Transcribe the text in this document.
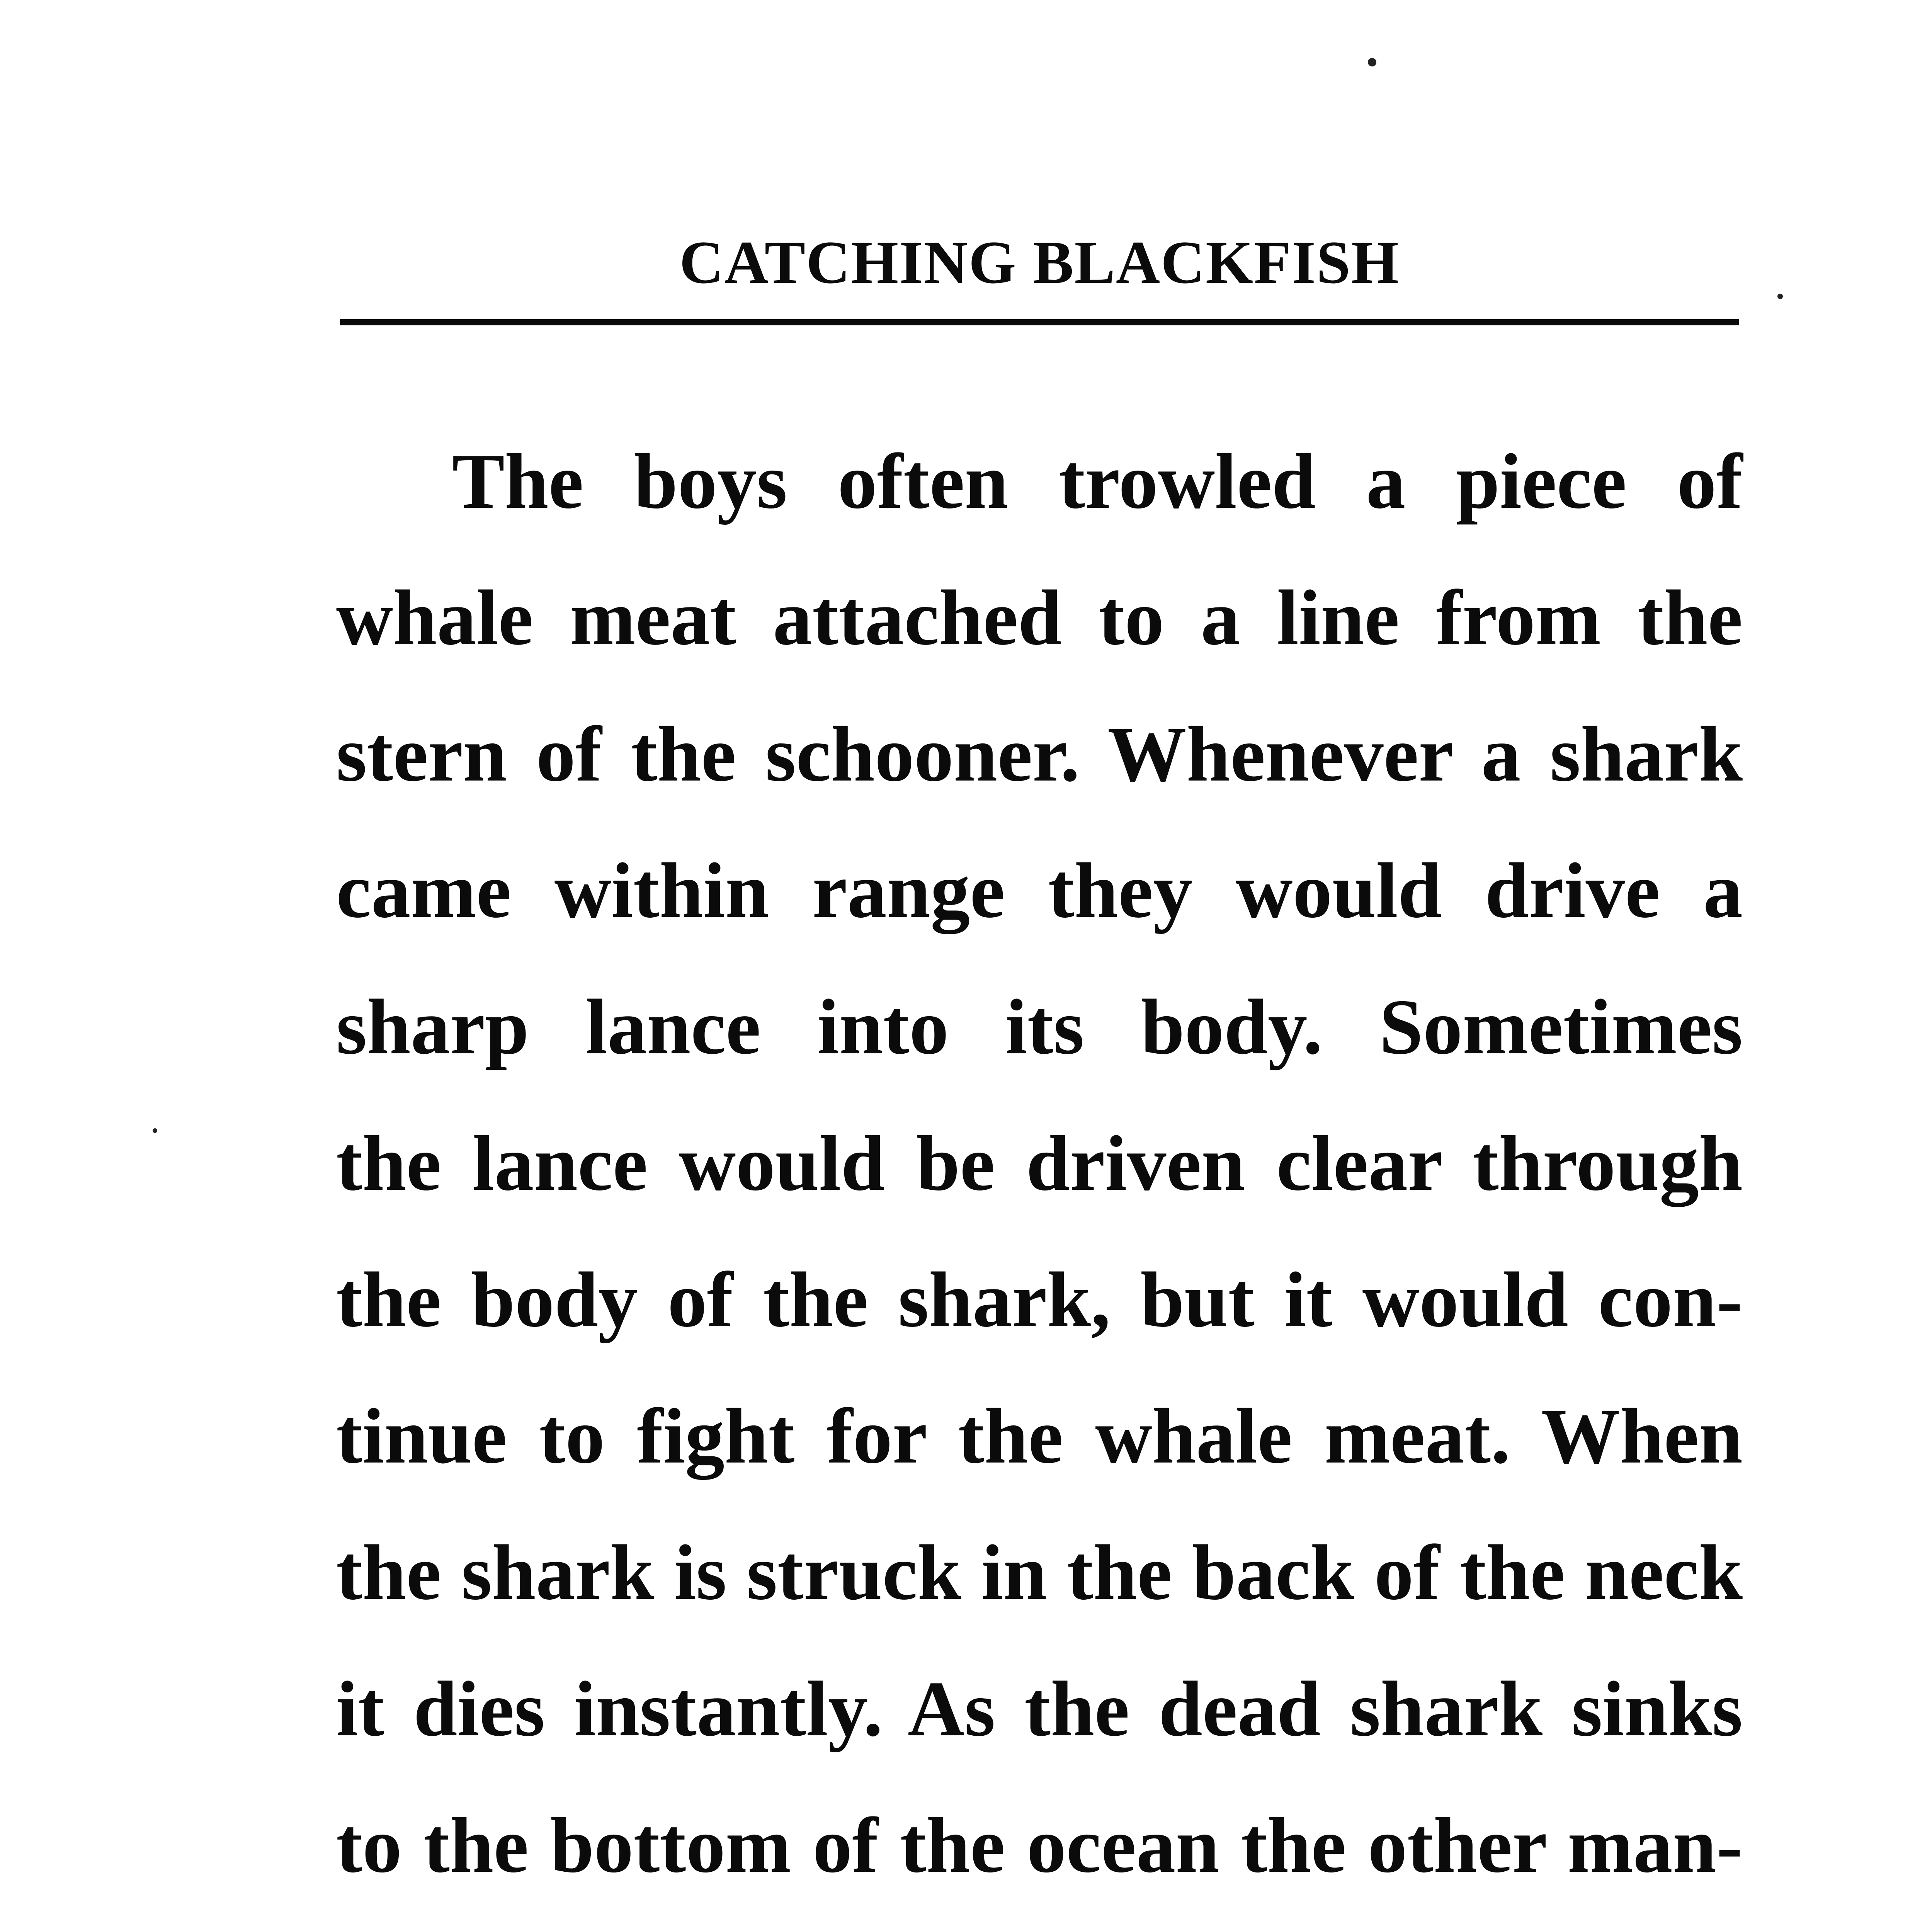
CATCHING BLACKFISH
The boys often trowled a piece of
whale meat attached to a line from the
stern of the schooner. Whenever a shark
came within range they would drive a
sharp lance into its body. Sometimes
the lance would be driven clear through
the body of the shark, but it would con-
tinue to fight for the whale meat. When
the shark is struck in the back of the neck
it dies instantly. As the dead shark sinks
to the bottom of the ocean the other man-
